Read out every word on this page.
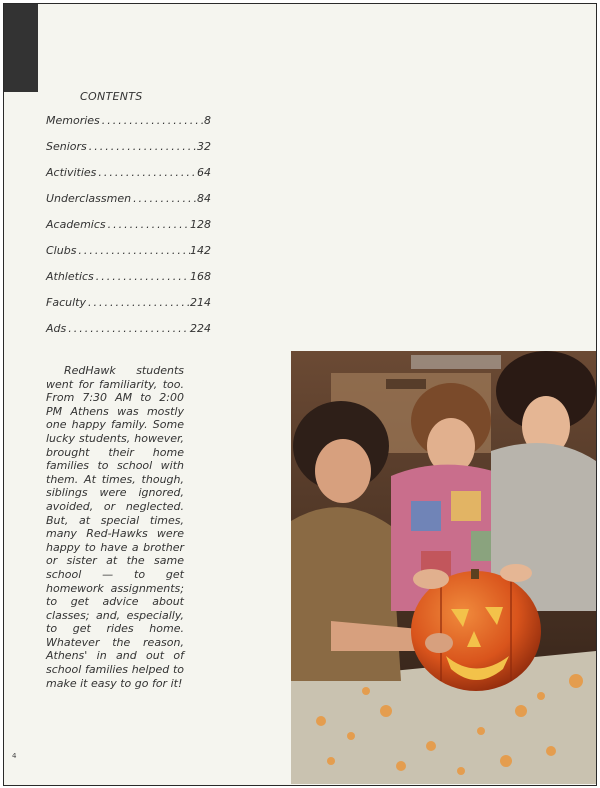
CONTENTS
Memories .....	8
Seniors .....	32
Activities .....	64
Underclassmen .....	84
Academics .....	128
Clubs .....	142
Athletics .....	168
Faculty .....	214
Ads .....	224

RedHawk students went for familiarity, too. From 7:30 AM to 2:00 PM Athens was mostly one happy family. Some lucky students, however, brought their home families to school with them. At times, though, siblings were ignored, avoided, or neglected. But, at special times, many Red-Hawks were happy to have a brother or sister at the same school — to get homework assignments; to get advice about classes; and, especially, to get rides home. Whatever the reason, Athens' in and out of school families helped to make it easy to go for it!

4
